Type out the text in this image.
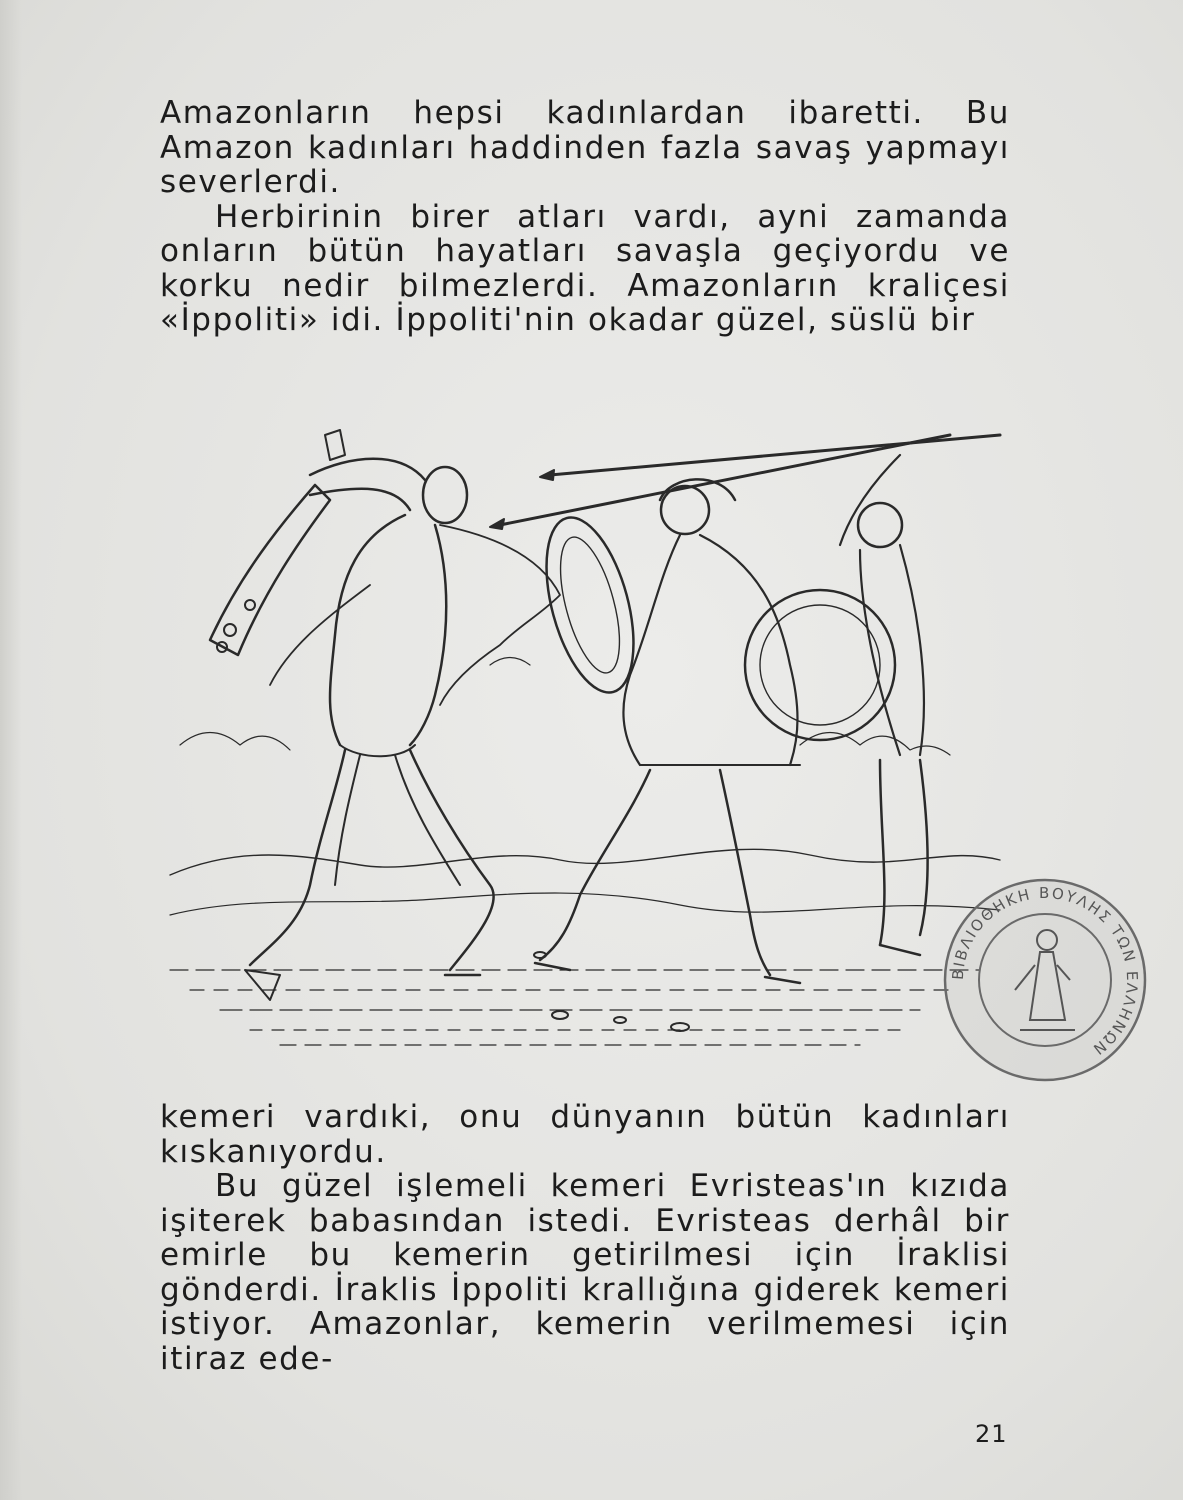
Amazonların hepsi kadınlardan ibaretti. Bu Amazon kadınları haddinden fazla savaş yapmayı severlerdi.

Herbirinin birer atları vardı, ayni zamanda onların bütün hayatları savaşla geçiyordu ve korku nedir bilmezlerdi. Amazonların kraliçesi «İppoliti» idi. İppoliti'nin okadar güzel, süslü bir

ΒΙΒΛΙΟΘΗΚΗ ΒΟΥΛΗΣ ΤΩΝ ΕΛΛΗΝΩΝ

kemeri vardıki, onu dünyanın bütün kadınları kıskanıyordu.

Bu güzel işlemeli kemeri Evristeas'ın kızıda işiterek babasından istedi. Evristeas derhâl bir emirle bu kemerin getirilmesi için İraklisi gönderdi. İraklis İppoliti krallığına giderek kemeri istiyor. Amazonlar, kemerin verilmemesi için itiraz ede-

21
